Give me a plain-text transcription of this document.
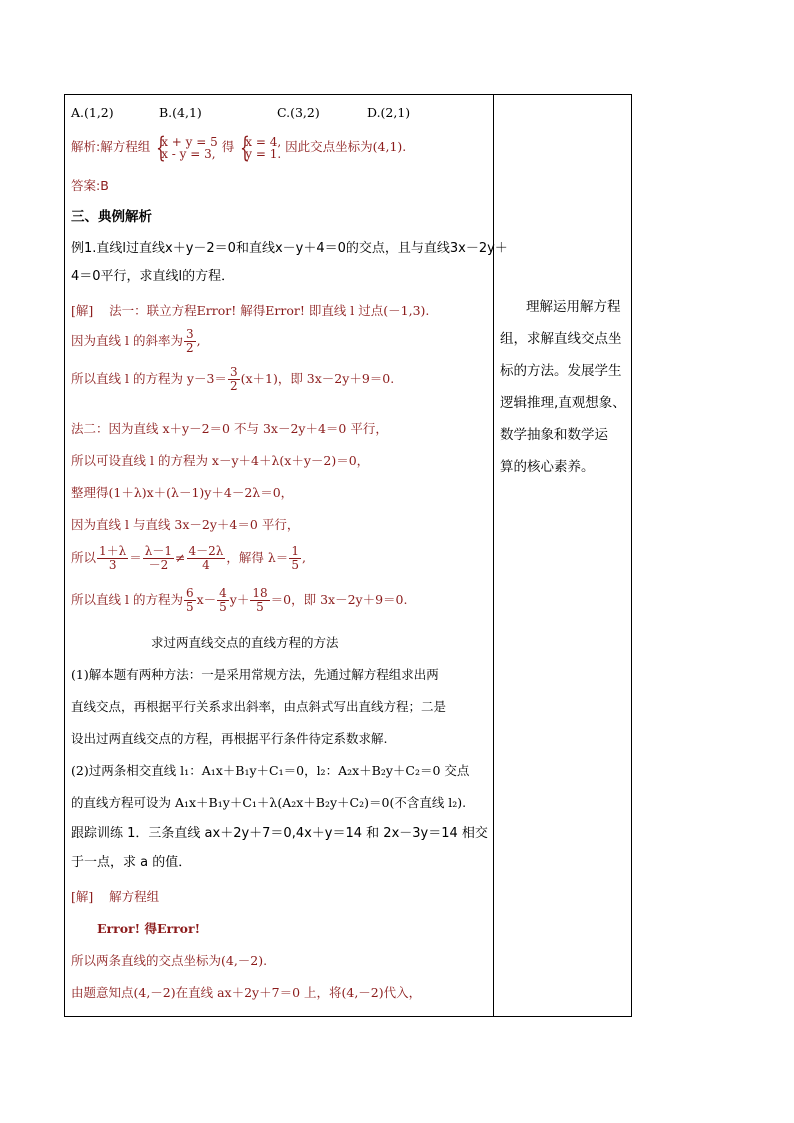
A.(1,2)	B.(4,1)	C.(3,2)	D.(2,1)
解析:解方程组 { x + y = 5
x - y = 3, 得 { x = 4,
y = 1. 因此交点坐标为(4,1).
答案:B
三、典例解析
例1.直线l过直线x＋y－2＝0和直线x－y＋4＝0的交点，且与直线3x－2y＋
4＝0平行，求直线l的方程．
[解] 法一：联立方程Error! 解得Error! 即直线 l 过点(－1,3).
因为直线 l 的斜率为 $\frac{3}{2}$ ,
所以直线 l 的方程为 $y-3= \frac{3}{2} (x+1)$，即 3x－2y＋9＝0.
法二：因为直线 x＋y－2＝0 不与 3x－2y＋4＝0 平行，
所以可设直线 l 的方程为 x－y＋4＋λ(x＋y－2)＝0，
整理得(1＋λ)x＋(λ－1)y＋4－2λ＝0，
因为直线 l 与直线 3x－2y＋4＝0 平行，
所以 $\frac{1+\lambda}{3} = \frac{\lambda-1}{-2} \ne \frac{4-2\lambda}{4}$ ，解得 $\lambda= \frac{1}{5}$ ,
所以直线 l 的方程为 $\frac{6}{5} x- \frac{4}{5} y+ \frac{18}{5} =0$，即 3x－2y＋9＝0.
求过两直线交点的直线方程的方法
(1)解本题有两种方法：一是采用常规方法，先通过解方程组求出两
直线交点，再根据平行关系求出斜率，由点斜式写出直线方程；二是
设出过两直线交点的方程，再根据平行条件待定系数求解.
(2)过两条相交直线 l₁：A₁x＋B₁y＋C₁＝0，l₂：A₂x＋B₂y＋C₂＝0 交点
的直线方程可设为 A₁x＋B₁y＋C₁＋λ(A₂x＋B₂y＋C₂)＝0(不含直线 l₂).
跟踪训练 1．三条直线 ax＋2y＋7＝0,4x＋y＝14 和 2x－3y＝14 相交
于一点，求 a 的值．
[解] 解方程组
Error! 得Error!
所以两条直线的交点坐标为(4,－2).
由题意知点(4,－2)在直线 ax＋2y＋7＝0 上，将(4,－2)代入，
理解运用解方程
组，求解直线交点坐
标的方法。发展学生
逻辑推理,直观想象、
数学抽象和数学运
算的核心素养。
